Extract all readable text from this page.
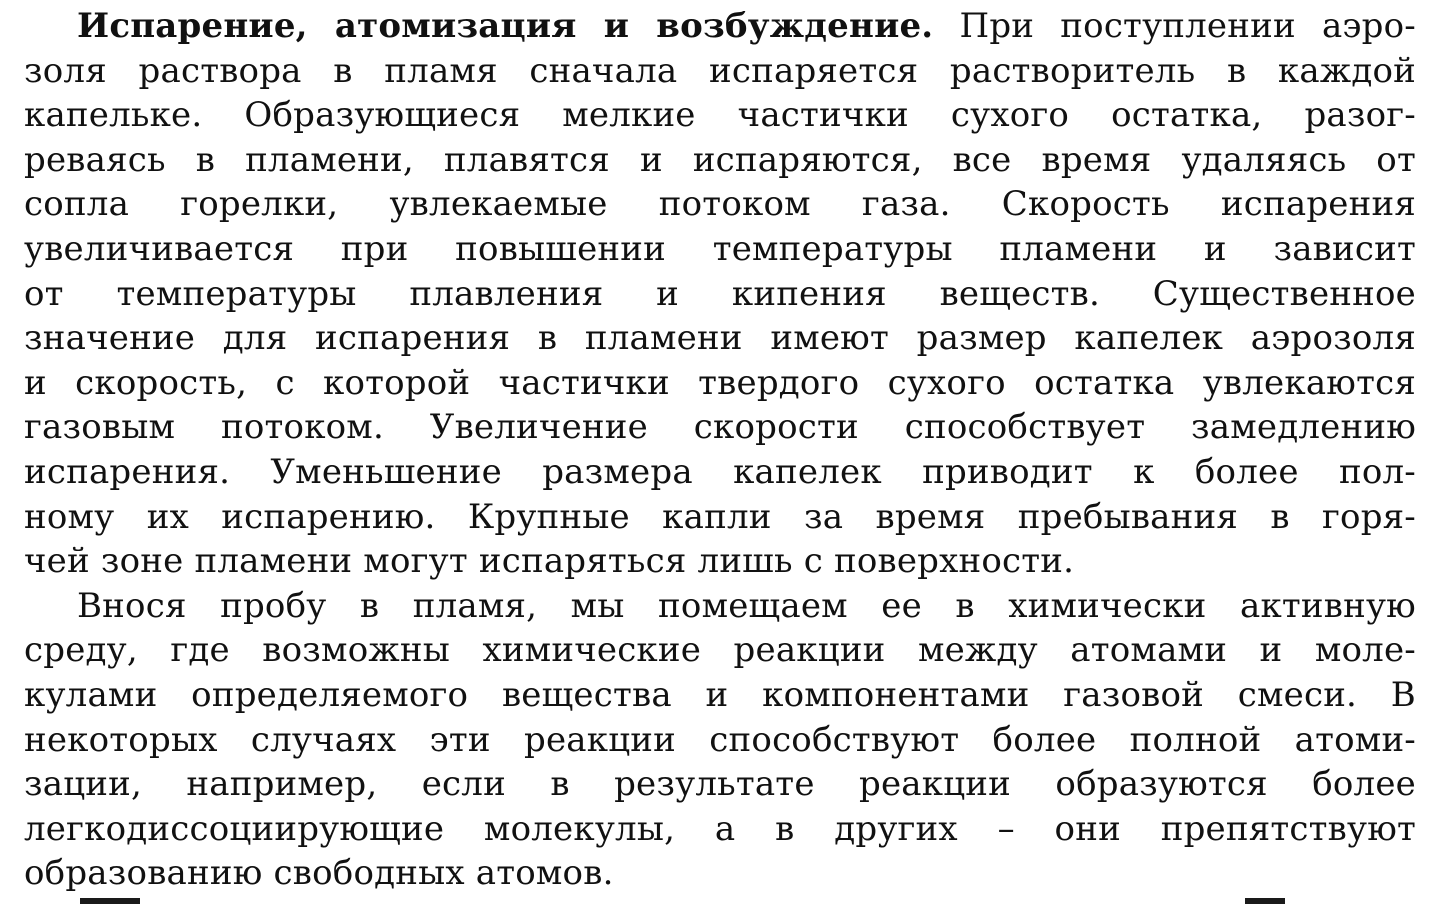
Испарение, атомизация и возбуждение. При поступлении аэро-
золя раствора в пламя сначала испаряется растворитель в каждой
капельке. Образующиеся мелкие частички сухого остатка, разог-
реваясь в пламени, плавятся и испаряются, все время удаляясь от
сопла горелки, увлекаемые потоком газа. Скорость испарения
увеличивается при повышении температуры пламени и зависит
от температуры плавления и кипения веществ. Существенное
значение для испарения в пламени имеют размер капелек аэрозоля
и скорость, с которой частички твердого сухого остатка увлекаются
газовым потоком. Увеличение скорости способствует замедлению
испарения. Уменьшение размера капелек приводит к более пол-
ному их испарению. Крупные капли за время пребывания в горя-
чей зоне пламени могут испаряться лишь с поверхности.
Внося пробу в пламя, мы помещаем ее в химически активную
среду, где возможны химические реакции между атомами и моле-
кулами определяемого вещества и компонентами газовой смеси. В
некоторых случаях эти реакции способствуют более полной атоми-
зации, например, если в результате реакции образуются более
легкодиссоциирующие молекулы, а в других – они препятствуют
образованию свободных атомов.
